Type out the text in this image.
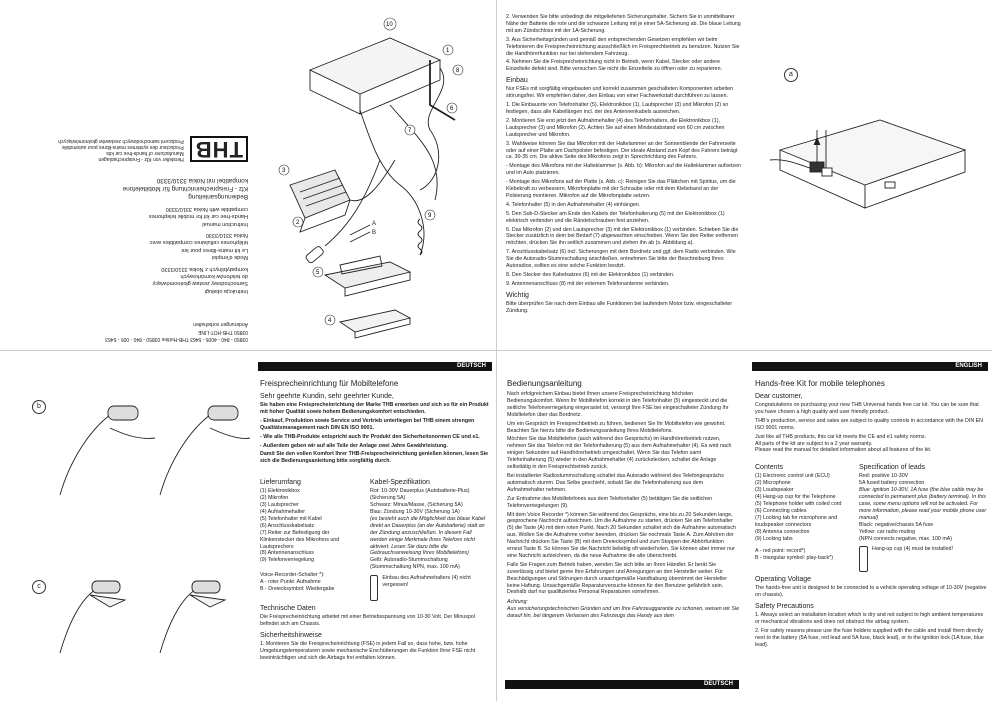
03850 - 840 - 4005 - 5463 THB-Hotline 03850 - 840 - 005 - 5463
03850 THB-HOT-LINE
Änderungen vorbehalten

Instrukcja obsługi
Samochodowy zestaw głośnomówiący
do telefonów komórkowych
kompatybilnych z Nokia 3310/3330

Mode d'emploi
Le kit mains-libres pour les
téléphones cellulaires compatibles avec
Nokia 3310/3330

Instruction manual
Hands-free car kit for mobile telephones
compatible with Nokia 3310/3330

Bedienungsanleitung
Kfz - Freisprecheinrichtung für Mobiltelefone
kompatibel mit Nokia 3310/3330

THB
Hersteller von Kfz - Freisprechanlagen
Manufacturer of hands-free car kits
Producteur des systèmes mains-libres pour automobile
Producent samochodowych zestawów głośnomówiących
A
B
1
2
3
4
5
6
7
8
9
10

2. Verwenden Sie bitte unbedingt die mitgelieferten Sicherungshalter. Sichern Sie in unmittelbarer Nähe der Batterie die rote und die schwarze Leitung mit je einer 5A-Sicherung ab. Die blaue Leitung mit am Zündschloss mit der 1A-Sicherung.

3. Aus Sicherheitsgründen und gemäß den entsprechenden Gesetzen empfehlen wir beim Telefonieren die Freisprecheinrichtung ausschließlich im Freisprechbetrieb zu benutzen. Nutzen Sie die Handhörerfunktion nur bei stehendem Fahrzeug.

4. Nehmen Sie die Freisprecheinrichtung nicht in Betrieb, wenn Kabel, Stecker oder andere Einzelteile defekt sind. Bitte versuchen Sie nicht die Einzelteile zu öffnen oder zu reparieren.

Einbau

Nur FSEs mit sorgfältig eingebauten und korrekt zusammen geschalteten Komponenten arbeiten störungsfrei. Wir empfehlen daher, den Einbau von einer Fachwerkstatt durchführen zu lassen.

1. Die Einbauorte von Telefonhalter (5), Elektronikbox (1), Lautsprecher (3) und Mikrofon (2) so festlegen, dass alle Kabellängen incl. der des Antennenkabels ausreichen.

2. Montieren Sie erst jetzt den Aufnahmehalter (4) des Telefonhalters, die Elektronikbox (1), Lautsprecher (3) und Mikrofon (2). Achten Sie auf einen Mindestabstand von 60 cm zwischen Lautsprecher und Mikrofon.

3. Wahlweise können Sie das Mikrofon mit der Haltelammer an der Sonnenblende der Fahrerseite oder auf einer Platte am Dachpolster befestigen. Der ideale Abstand zum Kopf des Fahrers beträgt ca. 30-35 cm. Die aktive Seite des Mikrofons zeigt in Sprechrichtung des Fahrers.

- Montage des Mikrofons mit der Halteklammer (s. Abb. b): Mikrofon auf die Halteklammer aufsetzen und im Auto platzieren.

- Montage des Mikrofons auf der Platte (s. Abb. c): Reinigen Sie das Plättchen mit Spiritus, um die Klebekraft zu verbessern. Mikrofonplatte mit der Schraube oder mit dem Klebeband an der Polsterung montieren. Mikrofon auf die Mikrofonplatte setzen.

4. Telefonhalter (5) in den Aufnahmehalter (4) einhängen.

5. Den Sub-D-Stecker am Ende des Kabels der Telefonhalterung (5) mit der Elektronikbox (1) elektrisch verbinden und die Rändelschrauben fest anziehen.

6. Das Mikrofon (2) und den Lautsprecher (3) mit der Elektronikbox (1) verbinden. Schieben Sie die Stecker zusätzlich in dem bei Bedarf (7) abgewachten einschieben. Wenn Sie den Reiter entfernen möchten, drücken Sie ihn seitlich zusammen und ziehen ihn ab (s. Abbildung a).

7. Anschlusskabelsatz (6) incl. Sicherungen mit dem Bordnetz und ggf. dem Radio verbinden. Wie Sie die Autoradio-Stummschaltung anschließen, entnehmen Sie bitte der Beschreibung Ihres Autoradios, sollten es eine solche Funktion besitzt.

8. Den Stecker des Kabelsatzes (6) mit der Elektronikbox (1) verbinden.

9. Antennenanschluss (8) mit der externen Telefonantenne verbinden.

Wichtig

Bitte überprüfen Sie nach dem Einbau alle Funktionen bei laufendem Motor bzw. eingeschalteter Zündung.

a
b
c
DEUTSCH
Freisprecheinrichtung für Mobiltelefone
Sehr geehrte Kundin, sehr geehrter Kunde,

Sie haben eine Freisprecheinrichtung der Marke THB erworben und sich so für ein Produkt mit hoher Qualität sowie hohem Bedienungskomfort entschieden.

- Einkauf, Produktion sowie Service und Vertrieb unterliegen bei THB einem strengen Qualitätsmanagement nach DIN EN ISO 9001.

- Wie alle THB-Produkte entspricht auch Ihr Produkt den Sicherheitsnormen CE und e1.

- Außerdem geben wir auf alle Teile der Anlage zwei Jahre Gewährleistung.

Damit Sie den vollen Komfort Ihrer THB-Freisprecheinrichtung genießen können, lesen Sie sich die Bedienungsanleitung bitte sorgfältig durch.

Lieferumfang
(1) Elektronikbox
(2) Mikrofon
(3) Lautsprecher
(4) Aufnahmehalter
(5) Telefonhalter mit Kabel
(6) Anschlusskabelsatz
(7) Reiter zur Befestigung der Klinkenstecker des Mikrofons und Lautsprechers
(8) Antennenanschluss
(9) Telefonverriegelung
Voice-Recorder-Schalter *):
A - roter Punkt: Aufnahme
B - Dreiecksymbol: Wiedergabe
Kabel-Spezifikation
Rot: 10-30V Dauerplus (Autobatterie-Plus) (Sicherung 5A)
Schwarz: Minus/Masse, (Sicherung 5A)
Blau: Zündung 10-30V (Sicherung 1A)
(es besteht auch die Möglichkeit das blaue Kabel direkt an Dauerplus (an der Autobatterie) statt an der Zündung anzuschließen. In diesem Fall werden einige Merkmale Ihres Telefons nicht aktiviert. Lesen Sie dazu bitte die Gebrauchsanweisung Ihres Mobiltelefons)
Gelb: Autoradio-Stummschaltung
(Stummschaltung NPN, max. 100 mA)
Einbau des Aufnahmehalters (4) nicht vergessen!
Technische Daten

Die Freisprecheinrichtung arbeitet mit einer Betriebsspannung von 10-30 Volt. Der Minuspol befindet sich am Chassis.

Sicherheitshinweise

1. Montieren Sie die Freisprecheinrichtung (FSE) in jedem Fall so, dass hohe, bzw. hohe Umgebungstemperaturen sowie mechanische Erschütterungen die Funktion Ihrer FSE nicht beeinträchtigen und sich die Airbags frei entfalten können.

Bedienungsanleitung

Nach erfolgreichem Einbau bietet Ihnen unsere Freisprecheinrichtung höchsten Bedienungskomfort. Wenn Ihr Mobiltelefon korrekt in den Telefonhalter (5) eingesteckt und die seitliche Telefonverriegelung eingerastet ist, versorgt Ihre FSE bei eingeschalteter Zündung Ihr Mobiltelefon über das Bordnetz.

Um ein Gespräch im Freisprechbetrieb zu führen, bedienen Sie Ihr Mobiltelefon wie gewohnt. Beachten Sie hierzu bitte die Bedienungsanleitung Ihres Mobiltelefons.

Möchten Sie das Mobiltelefon (auch während des Gesprächs) im Handhörerbetrieb nutzen, nehmen Sie das Telefon mit der Telefonhalterung (5) aus dem Aufnahmehalter (4). Es wird nach einigen Sekunden auf Handhörerbetrieb umgeschaltet. Wenn Sie das Telefon samt Telefonhalterung (5) wieder in den Aufnahmehalter (4) zurückstecken, schaltet die Anlage selbsttätig in den Freisprechbetrieb zurück.

Bei installierter Radiostummschaltung schaltet das Autoradio während des Telefongesprächs automatisch stumm. Das Selbe geschieht, sobald Sie die Telefonhalterung aus dem Aufnahmehalter nehmen.

Zur Entnahme des Mobiltelefones aus dem Telefonhalter (5) betätigen Sie die seitlichen Telefonverriegelungen (9).

Mit dem Voice Recorder *) können Sie während des Gesprächs, eine bis zu 20 Sekunden lange, gesprochene Nachricht aufzeichnen. Um die Aufnahme zu starten, drücken Sie am Telefonhalter (5) die Taste (A) mit dem roten Punkt. Nach 20 Sekunden schaltet sich die Aufnahme automatisch aus. Wollen Sie die Aufnahme vorher beenden, drücken Sie nochmals Taste A. Zum Abhören der Nachricht drücken Sie Taste (B) mit dem Dreiecksymbol und zum Stoppen der Abhörfunktion erneut Taste B. So können Sie die Nachricht beliebig oft wiederholen. Sie können aber immer nur eine Nachricht aufzeichnen, da die neue Aufnahme die alte überschreibt.

Falls Sie Fragen zum Betrieb haben, wenden Sie sich bitte an Ihren Händler. Er berät Sie zuverlässig und bietet gerne Ihre Erfahrungen und Anregungen an den Hersteller weiter. Für Beschädigungen und Störungen durch unsachgemäße Handhabung übernimmt der Hersteller keine Haftung. Unsachgemäße Reparaturversuche können für den Benutzer gefährlich sein. Deshalb darf nur qualifiziertes Personal Reparaturen vornehmen.

Achtung:

Aus versicherungstechnischen Gründen und um Ihre Fahrzeuggarantie zu schonen, weisen wir Sie darauf hin, bei längerem Verlassen des Fahrzeugs das Handy aus dem

DEUTSCH
ENGLISH
Hands-free Kit for mobile telephones
Dear customer,

Congratulations on purchasing your new THB Universal hands free car kit. You can be sure that you have chosen a high quality and user friendly product.

THB's production, service and sales are subject to quality controls in accordance with the DIN EN ISO 9001 norms.

Just like all THB products, this car kit meets the CE and e1 safety norms.

All parts of the kit are subject to a 2 year warranty.

Please read the manual for detailed information about all features of the kit.

Contents
(1) Electronic control unit (ECU)
(2) Microphone
(3) Loudspeaker
(4) Hang-up cup for the Telephone
(5) Telephone holder with coiled cord
(6) Connecting cables
(7) Locking tab for microphone and loudspeaker connectors
(8) Antenna connection
(9) Locking tabs
A - red point: record*)
B - triangular symbol: play-back*)
Specification of leads
Red: positive 10-30V
5A fused battery connection
Blue: ignition 10-30V, 1A fuse (the blue cable may be connected to permanent plus (battery terminal). In this case, some menu options will not be activated. For more information, please read your mobile phone user manual)
Black: negative/chassis 5A fuse
Yellow: car radio muting
(NPN connects negative, max. 100 mA)
Hang-up cup (4) must be installed!
Operating Voltage

The hands-free unit is designed to be connected to a vehicle operating voltage of 10-30V (negative on chassis).

Safety Precautions

1. Always select an installation location which is dry and not subject to high ambient temperatures or mechanical vibrations and does not obstruct the airbag system.

2. For safety reasons please use the fuse holders supplied with the cable and install them directly next to the battery (5A fuse, red lead and 5A fuse, black lead), or to the ignition lock (1A fuse, blue lead).
